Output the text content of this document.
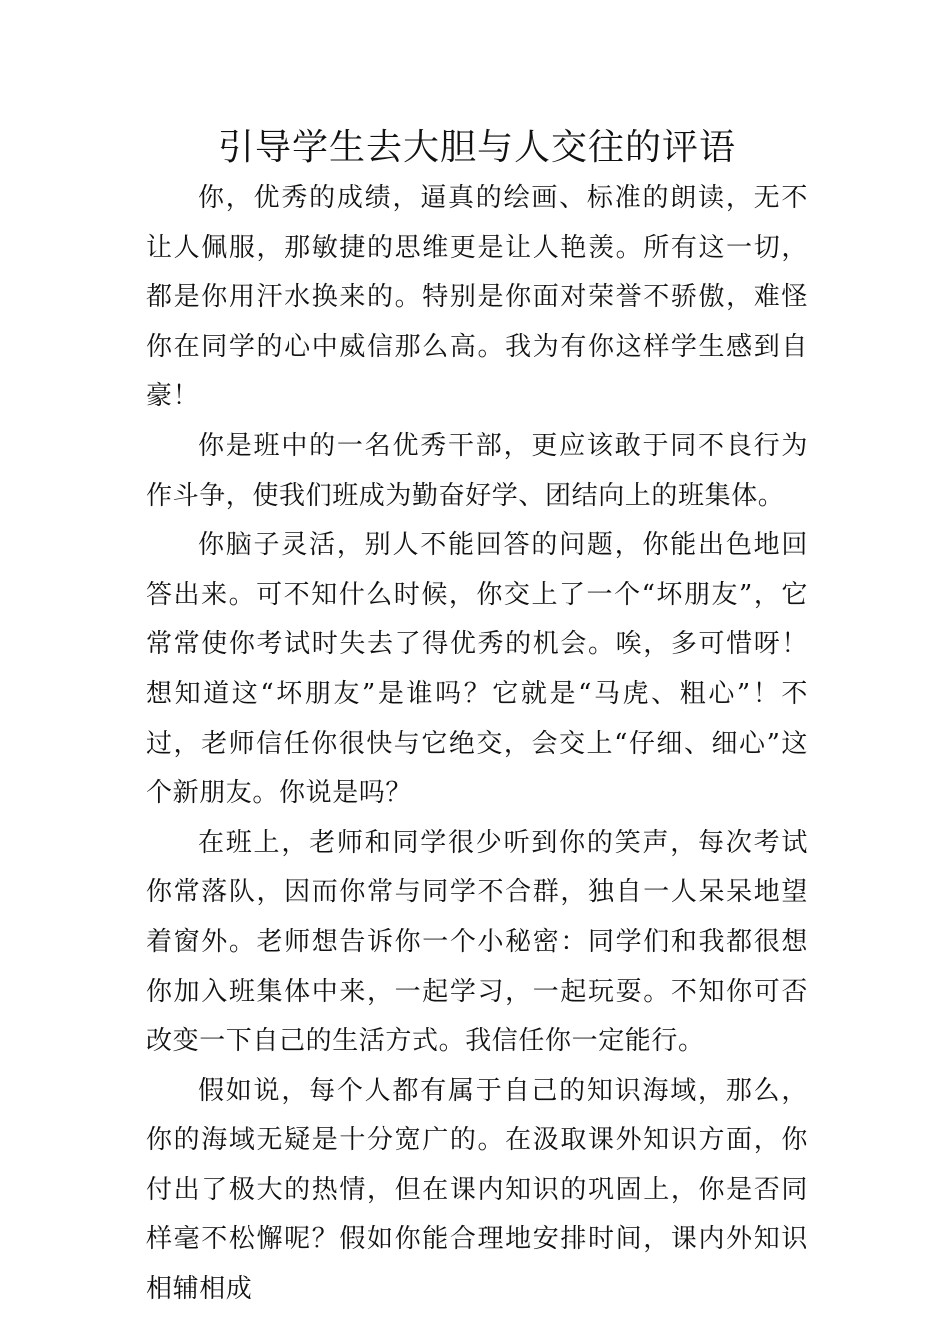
引导学生去大胆与人交往的评语

你，优秀的成绩，逼真的绘画、标准的朗读，无不让人佩服，那敏捷的思维更是让人艳羡。所有这一切，都是你用汗水换来的。特别是你面对荣誉不骄傲，难怪你在同学的心中威信那么高。我为有你这样学生感到自豪！

你是班中的一名优秀干部，更应该敢于同不良行为作斗争，使我们班成为勤奋好学、团结向上的班集体。

你脑子灵活，别人不能回答的问题，你能出色地回答出来。可不知什么时候，你交上了一个“坏朋友”，它常常使你考试时失去了得优秀的机会。唉，多可惜呀！想知道这“坏朋友”是谁吗？它就是“马虎、粗心”！不过，老师信任你很快与它绝交，会交上“仔细、细心”这个新朋友。你说是吗？

在班上，老师和同学很少听到你的笑声，每次考试你常落队，因而你常与同学不合群，独自一人呆呆地望着窗外。老师想告诉你一个小秘密：同学们和我都很想你加入班集体中来，一起学习，一起玩耍。不知你可否改变一下自己的生活方式。我信任你一定能行。

假如说，每个人都有属于自己的知识海域，那么，你的海域无疑是十分宽广的。在汲取课外知识方面，你付出了极大的热情，但在课内知识的巩固上，你是否同样毫不松懈呢？假如你能合理地安排时间，课内外知识相辅相成
